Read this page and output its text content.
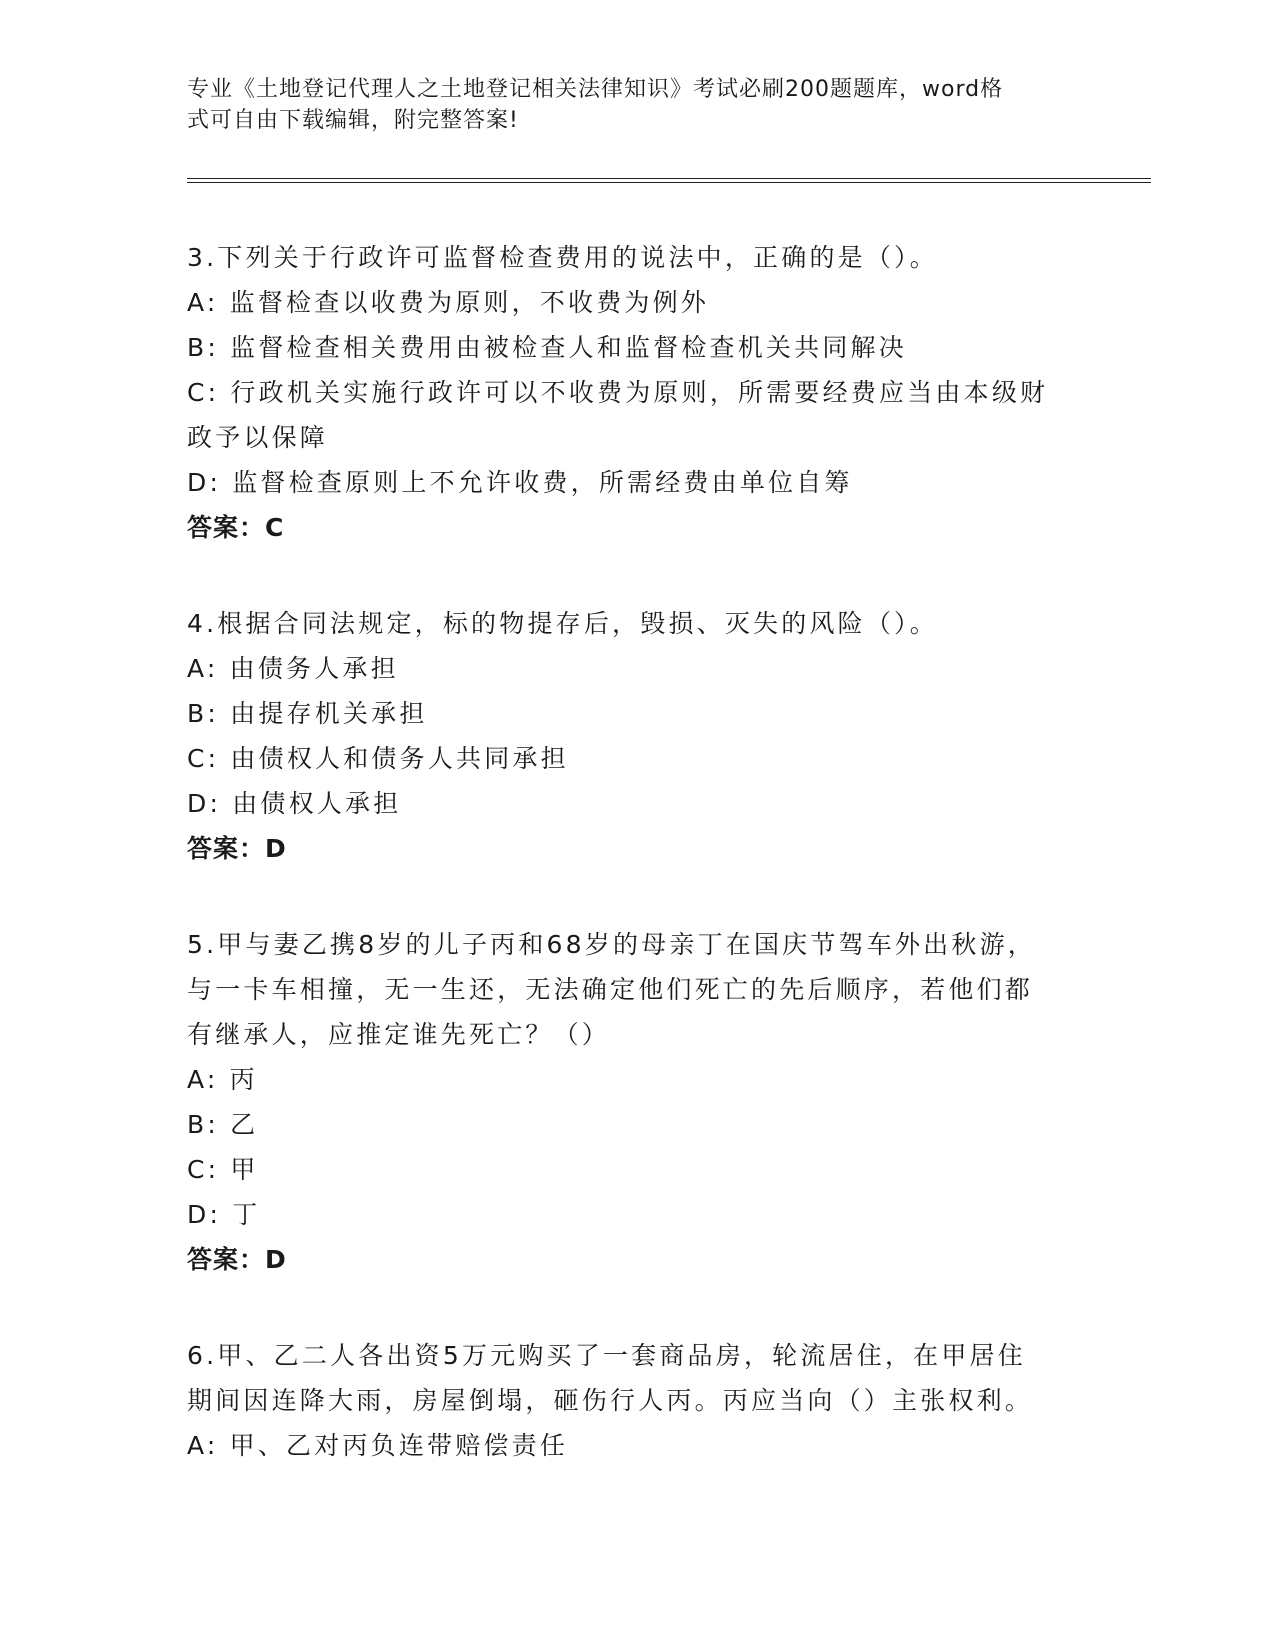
专业《土地登记代理人之土地登记相关法律知识》考试必刷200题题库，word格
式可自由下载编辑，附完整答案!
3.下列关于行政许可监督检查费用的说法中，正确的是（）。
A: 监督检查以收费为原则，不收费为例外
B: 监督检查相关费用由被检查人和监督检查机关共同解决
C: 行政机关实施行政许可以不收费为原则，所需要经费应当由本级财
政予以保障
D: 监督检查原则上不允许收费，所需经费由单位自筹
答案：C
4.根据合同法规定，标的物提存后，毁损、灭失的风险（）。
A: 由债务人承担
B: 由提存机关承担
C: 由债权人和债务人共同承担
D: 由债权人承担
答案：D
5.甲与妻乙携8岁的儿子丙和68岁的母亲丁在国庆节驾车外出秋游，
与一卡车相撞，无一生还，无法确定他们死亡的先后顺序，若他们都
有继承人，应推定谁先死亡？（）
A: 丙
B: 乙
C: 甲
D: 丁
答案：D
6.甲、乙二人各出资5万元购买了一套商品房，轮流居住，在甲居住
期间因连降大雨，房屋倒塌，砸伤行人丙。丙应当向（）主张权利。
A: 甲、乙对丙负连带赔偿责任
